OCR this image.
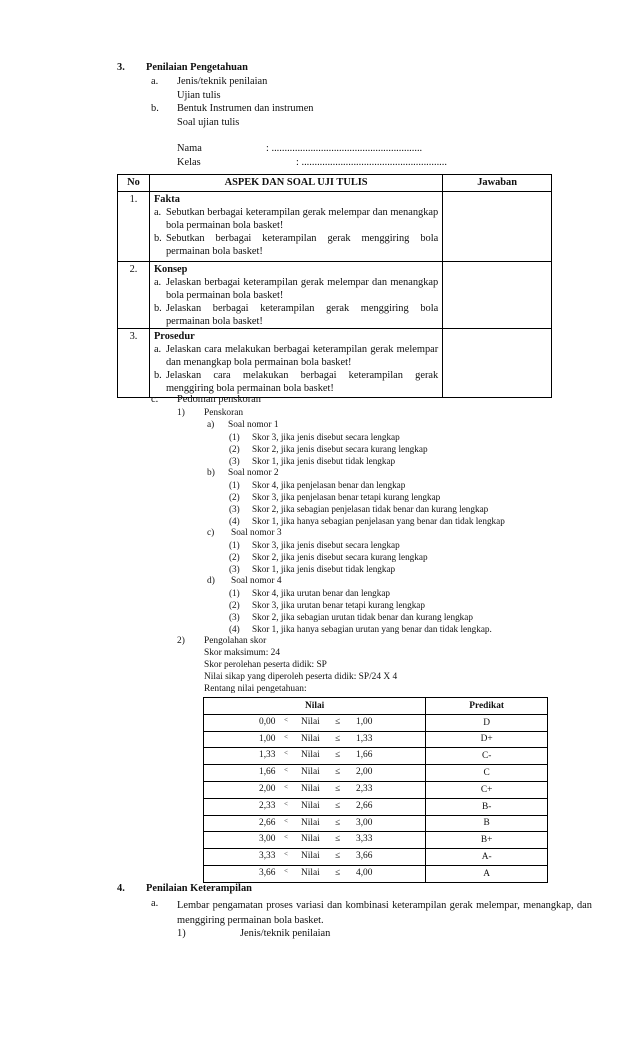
3. Penilaian Pengetahuan
a. Jenis/teknik penilaian
Ujian tulis
b. Bentuk Instrumen dan instrumen
Soal ujian tulis
Nama	: ..........................................................
Kelas	: ........................................................
No	ASPEK DAN SOAL UJI TULIS	Jawaban
1.	Fakta
a. Sebutkan berbagai keterampilan gerak melempar dan menangkap bola permainan bola basket!
b. Sebutkan berbagai keterampilan gerak menggiring bola permainan bola basket!	

2.	Konsep
a. Jelaskan berbagai keterampilan gerak melempar dan menangkap bola permainan bola basket!
b. Jelaskan berbagai keterampilan gerak menggiring bola permainan bola basket!	

3.	Prosedur
a. Jelaskan cara melakukan berbagai keterampilan gerak melempar dan menangkap bola permainan bola basket!
b. Jelaskan cara melakukan berbagai keterampilan gerak menggiring bola permainan bola basket!	

c. Pedoman penskoran
1) Penskoran
a) Soal nomor 1
(1) Skor 3, jika jenis disebut secara lengkap
(2) Skor 2, jika jenis disebut secara kurang lengkap
(3) Skor 1, jika jenis disebut tidak lengkap
b) Soal nomor 2
(1) Skor 4, jika penjelasan benar dan lengkap
(2) Skor 3, jika penjelasan benar tetapi kurang lengkap
(3) Skor 2, jika sebagian penjelasan tidak benar dan kurang lengkap
(4) Skor 1, jika hanya sebagian penjelasan yang benar dan tidak lengkap
c) Soal nomor 3
(1) Skor 3, jika jenis disebut secara lengkap
(2) Skor 2, jika jenis disebut secara kurang lengkap
(3) Skor 1, jika jenis disebut tidak lengkap
d) Soal nomor 4
(1) Skor 4, jika urutan benar dan lengkap
(2) Skor 3, jika urutan benar tetapi kurang lengkap
(3) Skor 2, jika sebagian urutan tidak benar dan kurang lengkap
(4) Skor 1, jika hanya sebagian urutan yang benar dan tidak lengkap.
2) Pengolahan skor
Skor maksimum: 24
Skor perolehan peserta didik: SP
Nilai sikap yang diperoleh peserta didik: SP/24 X 4
Rentang nilai pengetahuan:
Nilai	Predikat

0,00 < Nilai ≤ 1,00	D

1,00 < Nilai ≤ 1,33	D+

1,33 < Nilai ≤ 1,66	C-

1,66 < Nilai ≤ 2,00	C

2,00 < Nilai ≤ 2,33	C+

2,33 < Nilai ≤ 2,66	B-

2,66 < Nilai ≤ 3,00	B

3,00 < Nilai ≤ 3,33	B+

3,33 < Nilai ≤ 3,66	A-

3,66 < Nilai ≤ 4,00	A
4. Penilaian Keterampilan
a. Lembar pengamatan proses variasi dan kombinasi keterampilan gerak melempar, menangkap, dan menggiring permainan bola basket.
1)	Jenis/teknik penilaian
